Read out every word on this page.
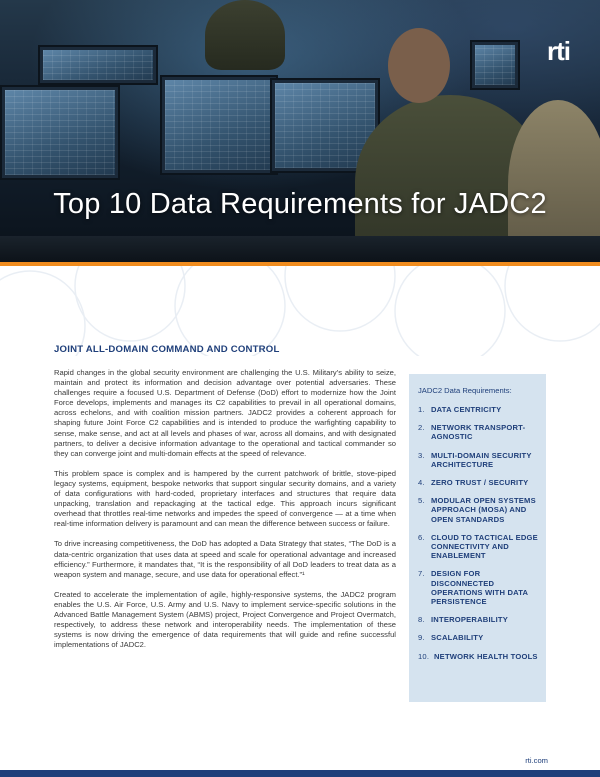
rti
Top 10 Data Requirements for JADC2
JOINT ALL-DOMAIN COMMAND AND CONTROL

Rapid changes in the global security environment are challenging the U.S. Military’s ability to seize, maintain and protect its information and decision advantage over potential adversaries. These challenges require a focused U.S. Department of Defense (DoD) effort to modernize how the Joint Force develops, implements and manages its C2 capabilities to prevail in all operational domains, across echelons, and with coalition mission partners. JADC2 provides a coherent approach for shaping future Joint Force C2 capabilities and is intended to produce the warfighting capability to sense, make sense, and act at all levels and phases of war, across all domains, and with designated partners, to deliver a decisive information advantage to the operational and tactical commander so they can converge joint and multi-domain effects at the speed of relevance.

This problem space is complex and is hampered by the current patchwork of brittle, stove-piped legacy systems, equipment, bespoke networks that support singular security domains, and a variety of data configurations with hard-coded, proprietary interfaces and structures that require data unpacking, translation and repackaging at the tactical edge. This approach incurs significant overhead that throttles real-time networks and impedes the speed of convergence — at a time when real-time information delivery is paramount and can mean the difference between success or failure.

To drive increasing competitiveness, the DoD has adopted a Data Strategy that states, “The DoD is a data-centric organization that uses data at speed and scale for operational advantage and increased efficiency.” Furthermore, it mandates that, “It is the responsibility of all DoD leaders to treat data as a weapon system and manage, secure, and use data for operational effect.”¹

Created to accelerate the implementation of agile, highly-responsive systems, the JADC2 program enables the U.S. Air Force, U.S. Army and U.S. Navy to implement service-specific solutions in the Advanced Battle Management System (ABMS) project, Project Convergence and Project Overmatch, respectively, to address these network and interoperability needs. The implementation of these systems is now driving the emergence of data requirements that will guide and refine successful implementations of JADC2.

JADC2 Data Requirements:
1. DATA CENTRICITY
2. NETWORK TRANSPORT-AGNOSTIC
3. MULTI-DOMAIN SECURITY ARCHITECTURE
4. ZERO TRUST / SECURITY
5. MODULAR OPEN SYSTEMS APPROACH (MOSA) AND OPEN STANDARDS
6. CLOUD TO TACTICAL EDGE CONNECTIVITY AND ENABLEMENT
7. DESIGN FOR DISCONNECTED OPERATIONS WITH DATA PERSISTENCE
8. INTEROPERABILITY
9. SCALABILITY
10. NETWORK HEALTH TOOLS
rti.com
